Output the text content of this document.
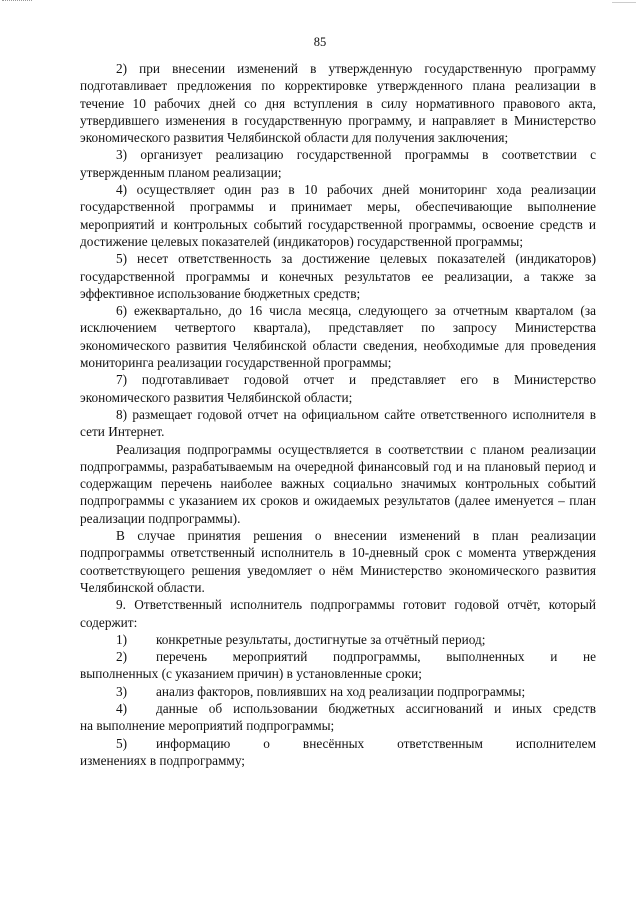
85

2) при внесении изменений в утвержденную государственную программу подготавливает предложения по корректировке утвержденного плана реализации в течение 10 рабочих дней со дня вступления в силу нормативного правового акта, утвердившего изменения в государственную программу, и направляет в Министерство экономического развития Челябинской области для получения заключения;

3) организует реализацию государственной программы в соответствии с утвержденным планом реализации;

4) осуществляет один раз в 10 рабочих дней мониторинг хода реализации государственной программы и принимает меры, обеспечивающие выполнение мероприятий и контрольных событий государственной программы, освоение средств и достижение целевых показателей (индикаторов) государственной программы;

5) несет ответственность за достижение целевых показателей (индикаторов) государственной программы и конечных результатов ее реализации, а также за эффективное использование бюджетных средств;

6) ежеквартально, до 16 числа месяца, следующего за отчетным кварталом (за исключением четвертого квартала), представляет по запросу Министерства экономического развития Челябинской области сведения, необходимые для проведения мониторинга реализации государственной программы;

7) подготавливает годовой отчет и представляет его в Министерство экономического развития Челябинской области;

8) размещает годовой отчет на официальном сайте ответственного исполнителя в сети Интернет.

Реализация подпрограммы осуществляется в соответствии с планом реализации подпрограммы, разрабатываемым на очередной финансовый год и на плановый период и содержащим перечень наиболее важных социально значимых контрольных событий подпрограммы с указанием их сроков и ожидаемых результатов (далее именуется – план реализации подпрограммы).

В случае принятия решения о внесении изменений в план реализации подпрограммы ответственный исполнитель в 10-дневный срок с момента утверждения соответствующего решения уведомляет о нём Министерство экономического развития Челябинской области.

9. Ответственный исполнитель подпрограммы готовит годовой отчёт, который содержит:

1)	конкретные результаты, достигнутые за отчётный период;
2)	перечень мероприятий подпрограммы, выполненных и не
выполненных (с указанием причин) в установленные сроки;
3)	анализ факторов, повлиявших на ход реализации подпрограммы;
4)	данные об использовании бюджетных ассигнований и иных средств
на выполнение мероприятий подпрограммы;
5)	информацию о внесённых ответственным исполнителем
изменениях в подпрограмму;
